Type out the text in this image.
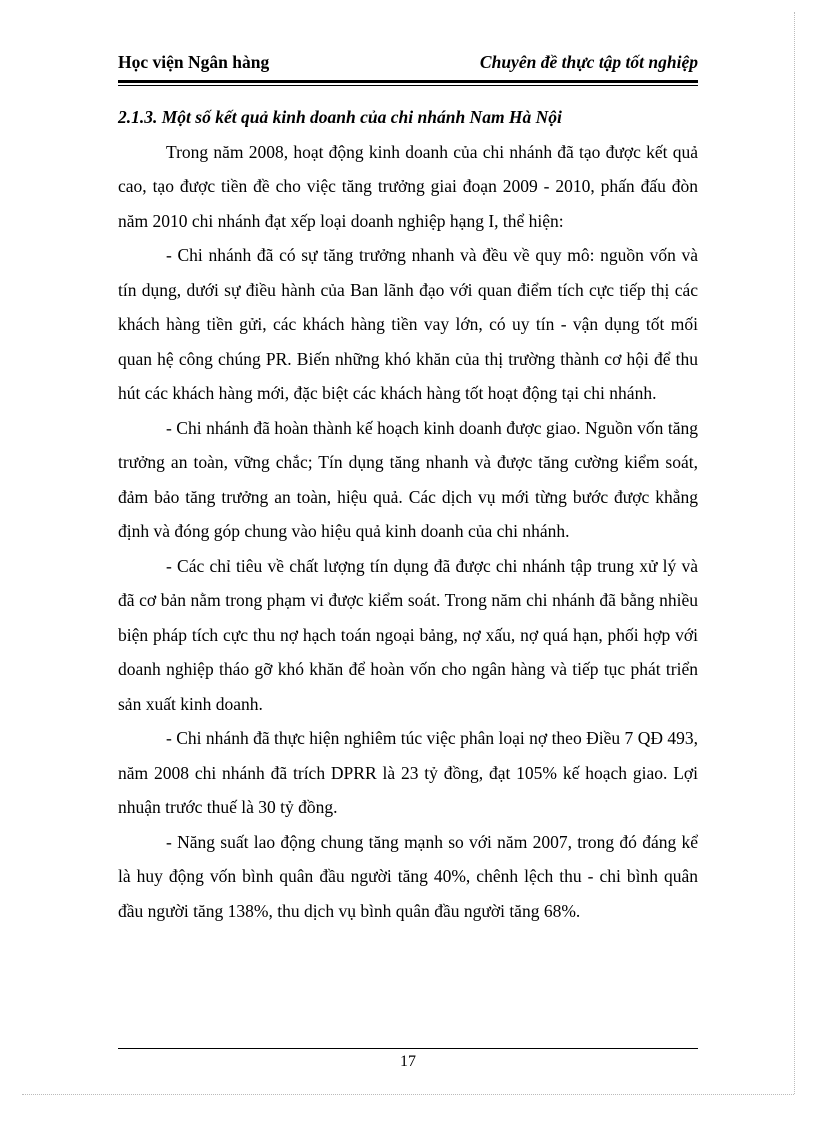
Học viện Ngân hàng	Chuyên đề thực tập tốt nghiệp

2.1.3. Một số kết quả kinh doanh của chi nhánh Nam Hà Nội

Trong năm 2008, hoạt động kinh doanh của chi nhánh đã tạo được kết quả cao, tạo được tiền đề cho việc tăng trưởng giai đoạn 2009 - 2010, phấn đấu đòn năm 2010 chi nhánh đạt xếp loại doanh nghiệp hạng I, thể hiện:

- Chi nhánh đã có sự tăng trưởng nhanh và đều về quy mô: nguồn vốn và tín dụng, dưới sự điều hành của Ban lãnh đạo với quan điểm tích cực tiếp thị các khách hàng tiền gửi, các khách hàng tiền vay lớn, có uy tín - vận dụng tốt mối quan hệ công chúng PR. Biến những khó khăn của thị trường thành cơ hội để thu hút các khách hàng mới, đặc biệt các khách hàng tốt hoạt động tại chi nhánh.

- Chi nhánh đã hoàn thành kế hoạch kinh doanh được giao. Nguồn vốn tăng trưởng an toàn, vững chắc; Tín dụng tăng nhanh và được tăng cường kiểm soát, đảm bảo tăng trưởng an toàn, hiệu quả. Các dịch vụ mới từng bước được khẳng định và đóng góp chung vào hiệu quả kinh doanh của chi nhánh.

- Các chỉ tiêu về chất lượng tín dụng đã được chi nhánh tập trung xử lý và đã cơ bản nằm trong phạm vi được kiểm soát. Trong năm chi nhánh đã bằng nhiều biện pháp tích cực thu nợ hạch toán ngoại bảng, nợ xấu, nợ quá hạn, phối hợp với doanh nghiệp tháo gỡ khó khăn để hoàn vốn cho ngân hàng và tiếp tục phát triển sản xuất kinh doanh.

- Chi nhánh đã thực hiện nghiêm túc việc phân loại nợ theo Điều 7 QĐ 493, năm 2008 chi nhánh đã trích DPRR là 23 tỷ đồng, đạt 105% kế hoạch giao. Lợi nhuận trước thuế là 30 tỷ đồng.

- Năng suất lao động chung tăng mạnh so với năm 2007, trong đó đáng kể là huy động vốn bình quân đầu người tăng 40%, chênh lệch thu - chi bình quân đầu người tăng 138%, thu dịch vụ bình quân đầu người tăng 68%.

17
